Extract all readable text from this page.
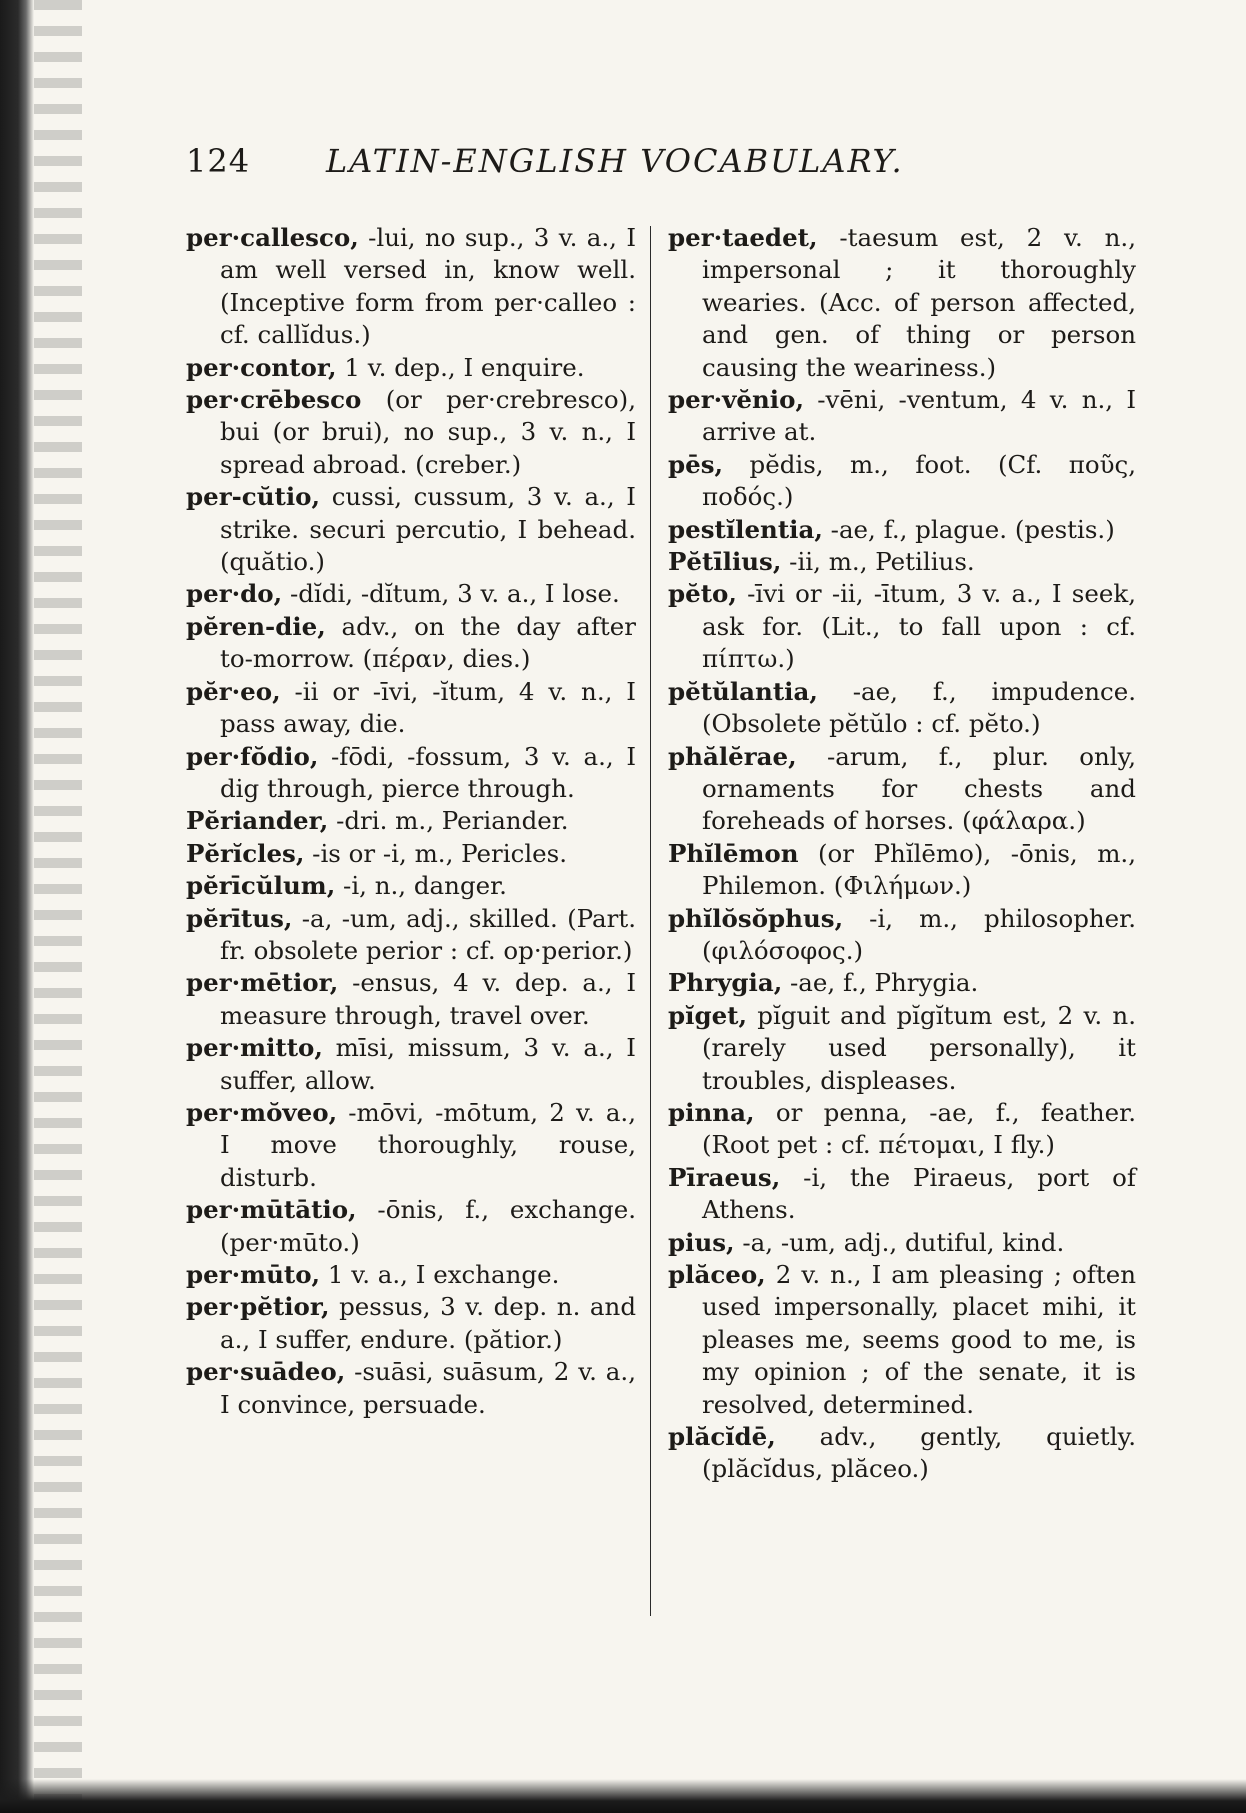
124 LATIN-ENGLISH VOCABULARY.

per·callesco, -lui, no sup., 3 v. a., I am well versed in, know well. (Inceptive form from per·calleo : cf. callĭdus.)

per·contor, 1 v. dep., I enquire.

per·crēbesco (or per·crebresco), bui (or brui), no sup., 3 v. n., I spread abroad. (creber.)

per-cŭtio, cussi, cussum, 3 v. a., I strike. securi percutio, I behead. (quătio.)

per·do, -dĭdi, -dĭtum, 3 v. a., I lose.

pĕren-die, adv., on the day after to-morrow. (πέραν, dies.)

pĕr·eo, -ii or -īvi, -ĭtum, 4 v. n., I pass away, die.

per·fŏdio, -fōdi, -fossum, 3 v. a., I dig through, pierce through.

Pĕriander, -dri. m., Periander.

Pĕrĭcles, -is or -i, m., Pericles.

pĕrīcŭlum, -i, n., danger.

pĕrītus, -a, -um, adj., skilled. (Part. fr. obsolete perior : cf. op·perior.)

per·mētior, -ensus, 4 v. dep. a., I measure through, travel over.

per·mitto, mīsi, missum, 3 v. a., I suffer, allow.

per·mŏveo, -mōvi, -mōtum, 2 v. a., I move thoroughly, rouse, disturb.

per·mūtātio, -ōnis, f., exchange. (per·mūto.)

per·mūto, 1 v. a., I exchange.

per·pĕtior, pessus, 3 v. dep. n. and a., I suffer, endure. (pătior.)

per·suādeo, -suāsi, suāsum, 2 v. a., I convince, persuade.

per·taedet, -taesum est, 2 v. n., impersonal ; it thoroughly wearies. (Acc. of person affected, and gen. of thing or person causing the weariness.)

per·vĕnio, -vēni, -ventum, 4 v. n., I arrive at.

pēs, pĕdis, m., foot. (Cf. ποῦς, ποδός.)

pestĭlentia, -ae, f., plague. (pestis.)

Pĕtīlius, -ii, m., Petilius.

pĕto, -īvi or -ii, -ītum, 3 v. a., I seek, ask for. (Lit., to fall upon : cf. πίπτω.)

pĕtŭlantia, -ae, f., impudence. (Obsolete pĕtŭlo : cf. pĕto.)

phălĕrae, -arum, f., plur. only, ornaments for chests and foreheads of horses. (φάλαρα.)

Phĭlēmon (or Phĭlēmo), -ōnis, m., Philemon. (Φιλήμων.)

phĭlŏsŏphus, -i, m., philosopher. (φιλόσοφος.)

Phrygia, -ae, f., Phrygia.

pĭget, pĭguit and pĭgĭtum est, 2 v. n. (rarely used personally), it troubles, displeases.

pinna, or penna, -ae, f., feather. (Root pet : cf. πέτομαι, I fly.)

Pīraeus, -i, the Piraeus, port of Athens.

pius, -a, -um, adj., dutiful, kind.

plăceo, 2 v. n., I am pleasing ; often used impersonally, placet mihi, it pleases me, seems good to me, is my opinion ; of the senate, it is resolved, determined.

plăcĭdē, adv., gently, quietly. (plăcĭdus, plăceo.)
